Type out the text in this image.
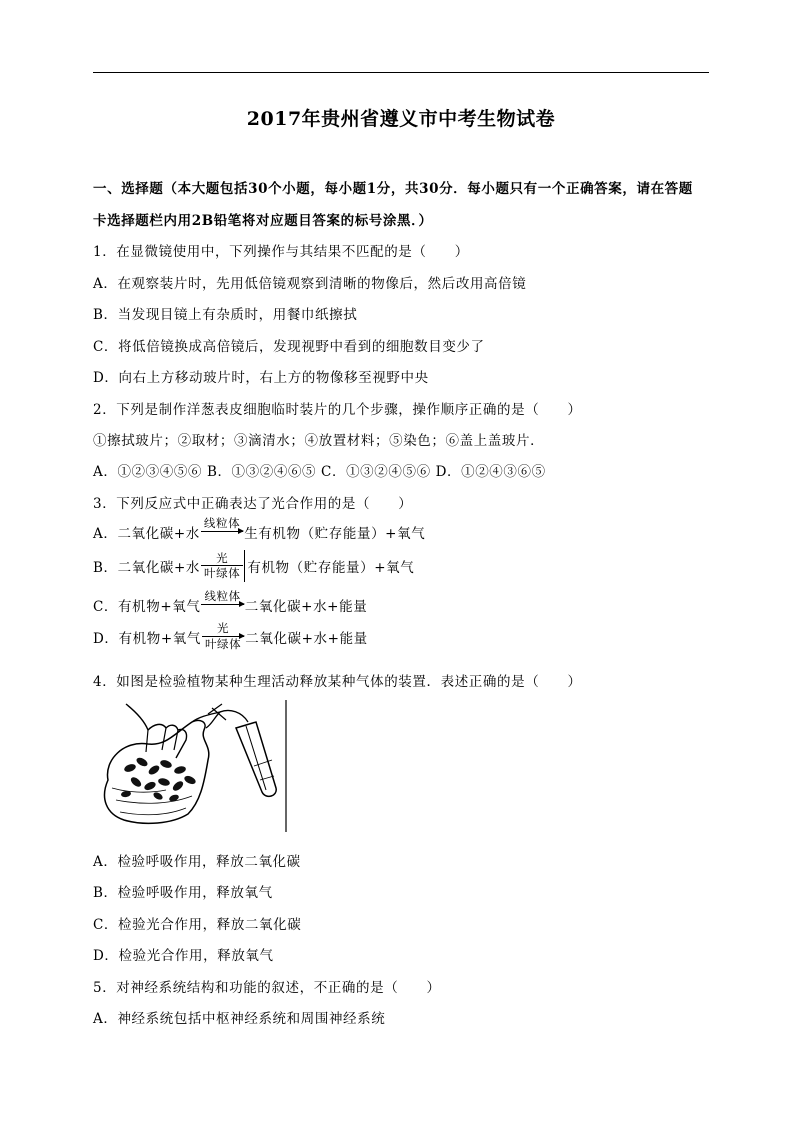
2017年贵州省遵义市中考生物试卷
一、选择题（本大题包括30个小题，每小题1分，共30分．每小题只有一个正确答案，请在答题
卡选择题栏内用2B铅笔将对应题目答案的标号涂黑．）
1．在显微镜使用中，下列操作与其结果不匹配的是（　　）
A．在观察装片时，先用低倍镜观察到清晰的物像后，然后改用高倍镜
B．当发现目镜上有杂质时，用餐巾纸擦拭
C．将低倍镜换成高倍镜后，发现视野中看到的细胞数目变少了
D．向右上方移动玻片时，右上方的物像移至视野中央
2．下列是制作洋葱表皮细胞临时装片的几个步骤，操作顺序正确的是（　　）
①擦拭玻片；②取材；③滴清水；④放置材料；⑤染色；⑥盖上盖玻片．
A．①②③④⑤⑥ B．①③②④⑥⑤ C．①③②④⑤⑥ D．①②④③⑥⑤
3．下列反应式中正确表达了光合作用的是（　　）
A．二氧化碳+水
线粒体
生有机物（贮存能量）+氧气
B．二氧化碳+水
光
叶绿体 有机物（贮存能量）+氧气
C．有机物+氧气
线粒体
二氧化碳+水+能量
D．有机物+氧气
光
叶绿体 二氧化碳+水+能量
4．如图是检验植物某种生理活动释放某种气体的装置．表述正确的是（　　）
A．检验呼吸作用，释放二氧化碳
B．检验呼吸作用，释放氧气
C．检验光合作用，释放二氧化碳
D．检验光合作用，释放氧气
5．对神经系统结构和功能的叙述，不正确的是（　　）
A．神经系统包括中枢神经系统和周围神经系统
